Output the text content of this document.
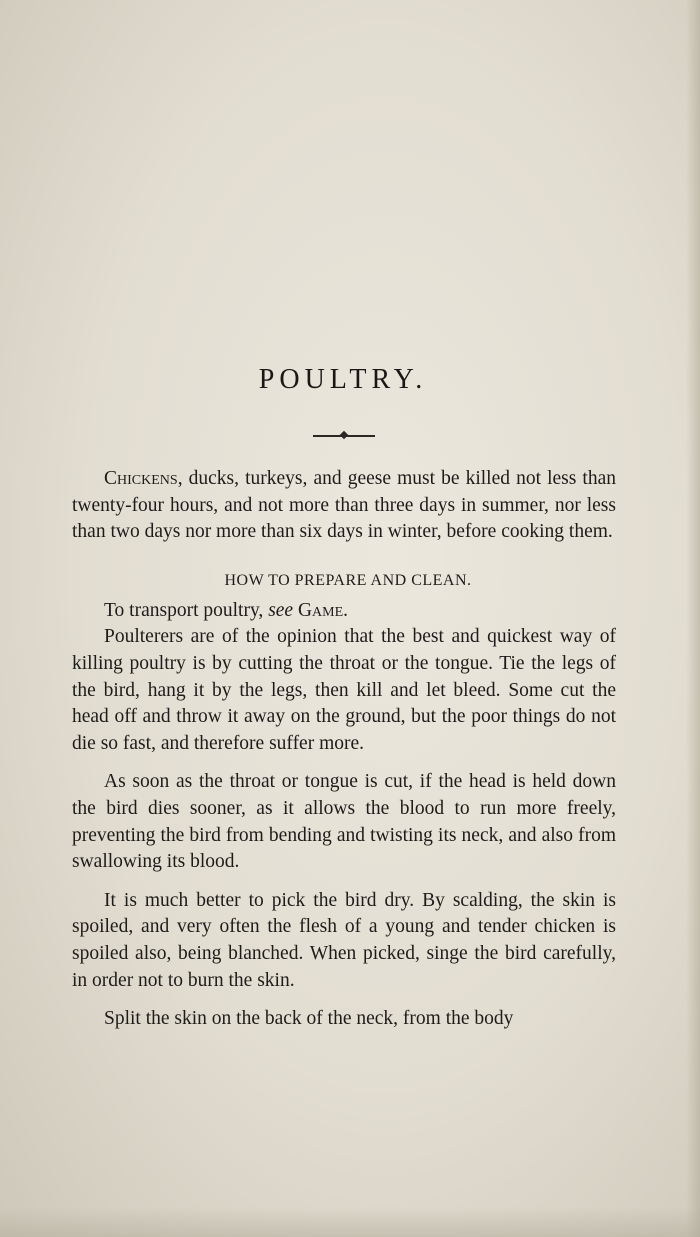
POULTRY.

Chickens, ducks, turkeys, and geese must be killed not less than twenty-four hours, and not more than three days in summer, nor less than two days nor more than six days in winter, before cooking them.

HOW TO PREPARE AND CLEAN.

To transport poultry, see Game.

Poulterers are of the opinion that the best and quickest way of killing poultry is by cutting the throat or the tongue. Tie the legs of the bird, hang it by the legs, then kill and let bleed. Some cut the head off and throw it away on the ground, but the poor things do not die so fast, and therefore suffer more.

As soon as the throat or tongue is cut, if the head is held down the bird dies sooner, as it allows the blood to run more freely, preventing the bird from bending and twisting its neck, and also from swallowing its blood.

It is much better to pick the bird dry. By scalding, the skin is spoiled, and very often the flesh of a young and tender chicken is spoiled also, being blanched. When picked, singe the bird carefully, in order not to burn the skin.

Split the skin on the back of the neck, from the body
